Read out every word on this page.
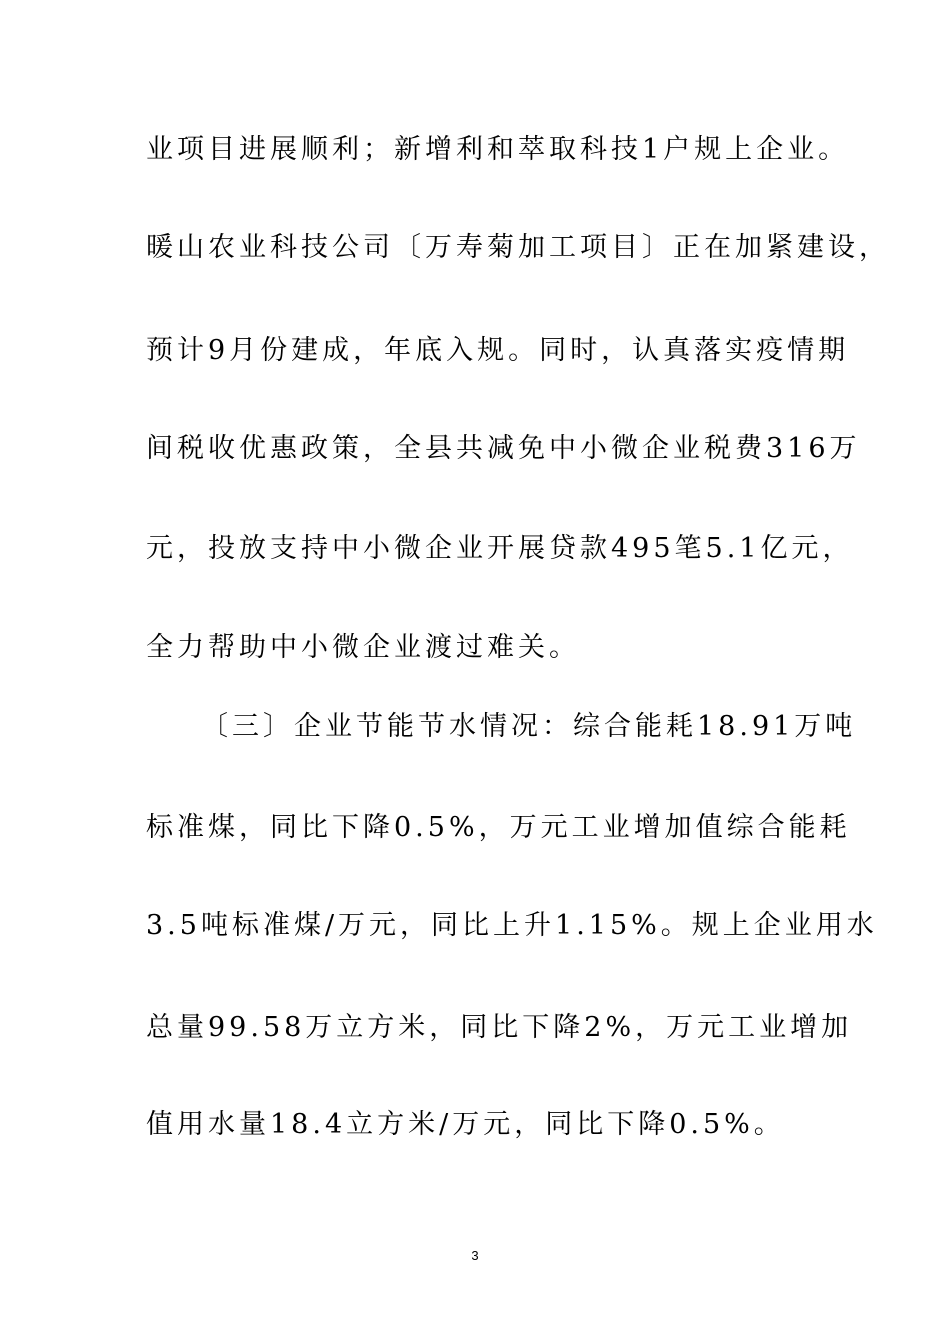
业项目进展顺利；新增利和萃取科技1户规上企业。
暖山农业科技公司〔万寿菊加工项目〕正在加紧建设，
预计9月份建成，年底入规。同时，认真落实疫情期
间税收优惠政策，全县共减免中小微企业税费316万
元，投放支持中小微企业开展贷款495笔5.1亿元，
全力帮助中小微企业渡过难关。
〔三〕企业节能节水情况：综合能耗18.91万吨
标准煤，同比下降0.5%，万元工业增加值综合能耗
3.5吨标准煤/万元，同比上升1.15%。规上企业用水
总量99.58万立方米，同比下降2%，万元工业增加
值用水量18.4立方米/万元，同比下降0.5%。
3
